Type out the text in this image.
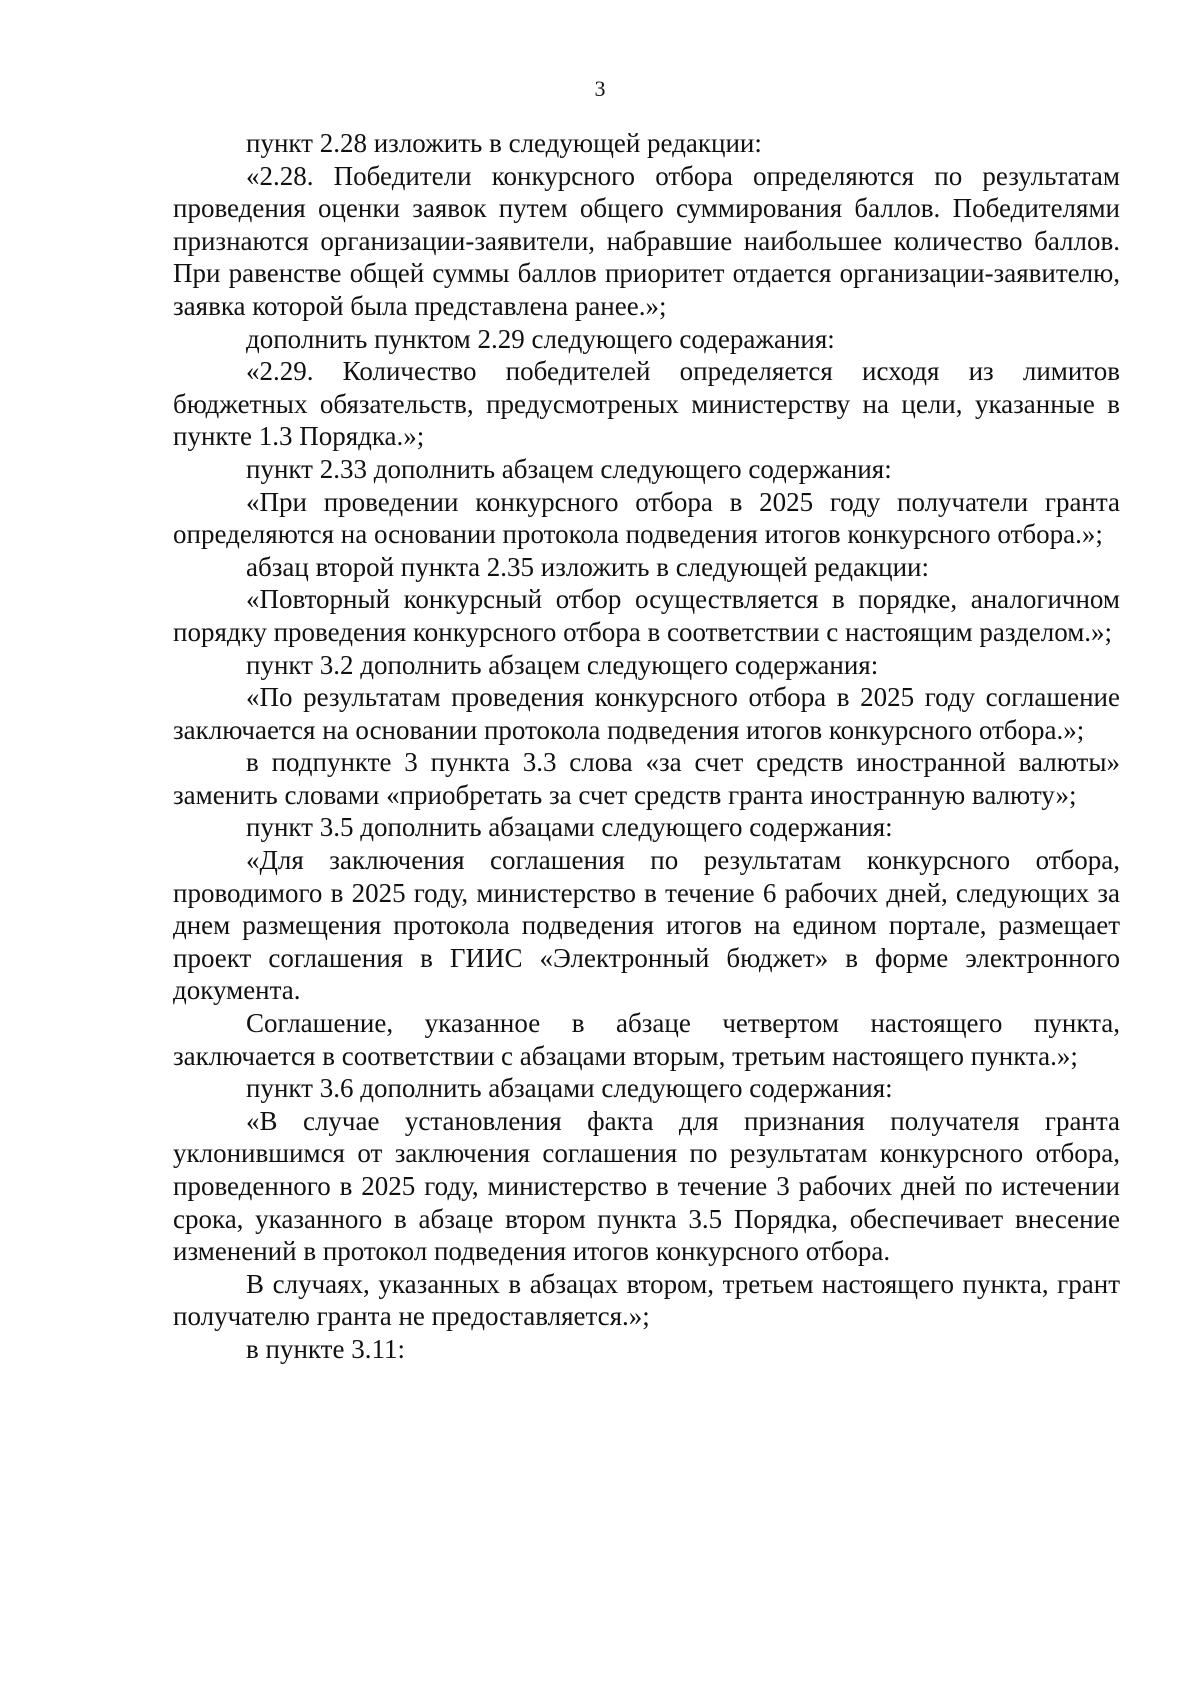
3

пункт 2.28 изложить в следующей редакции:

«2.28. Победители конкурсного отбора определяются по результатам проведения оценки заявок путем общего суммирования баллов. Победителями признаются организации-заявители, набравшие наибольшее количество баллов. При равенстве общей суммы баллов приоритет отдается организации-заявителю, заявка которой была представлена ранее.»;

дополнить пунктом 2.29 следующего содеражания:

«2.29. Количество победителей определяется исходя из лимитов бюджетных обязательств, предусмотреных министерству на цели, указанные в пункте 1.3 Порядка.»;

пункт 2.33 дополнить абзацем следующего содержания:

«При проведении конкурсного отбора в 2025 году получатели гранта определяются на основании протокола подведения итогов конкурсного отбора.»;

абзац второй пункта 2.35 изложить в следующей редакции:

«Повторный конкурсный отбор осуществляется в порядке, аналогичном порядку проведения конкурсного отбора в соответствии с настоящим разделом.»;

пункт 3.2 дополнить абзацем следующего содержания:

«По результатам проведения конкурсного отбора в 2025 году соглашение заключается на основании протокола подведения итогов конкурсного отбора.»;

в подпункте 3 пункта 3.3 слова «за счет средств иностранной валюты» заменить словами «приобретать за счет средств гранта иностранную валюту»;

пункт 3.5 дополнить абзацами следующего содержания:

«Для заключения соглашения по результатам конкурсного отбора, проводимого в 2025 году, министерство в течение 6 рабочих дней, следующих за днем размещения протокола подведения итогов на едином портале, размещает проект соглашения в ГИИС «Электронный бюджет» в форме электронного документа.

Соглашение, указанное в абзаце четвертом настоящего пункта, заключается в соответствии с абзацами вторым, третьим настоящего пункта.»;

пункт 3.6 дополнить абзацами следующего содержания:

«В случае установления факта для признания получателя гранта уклонившимся от заключения соглашения по результатам конкурсного отбора, проведенного в 2025 году, министерство в течение 3 рабочих дней по истечении срока, указанного в абзаце втором пункта 3.5 Порядка, обеспечивает внесение изменений в протокол подведения итогов конкурсного отбора.

В случаях, указанных в абзацах втором, третьем настоящего пункта, грант получателю гранта не предоставляется.»;

в пункте 3.11:
